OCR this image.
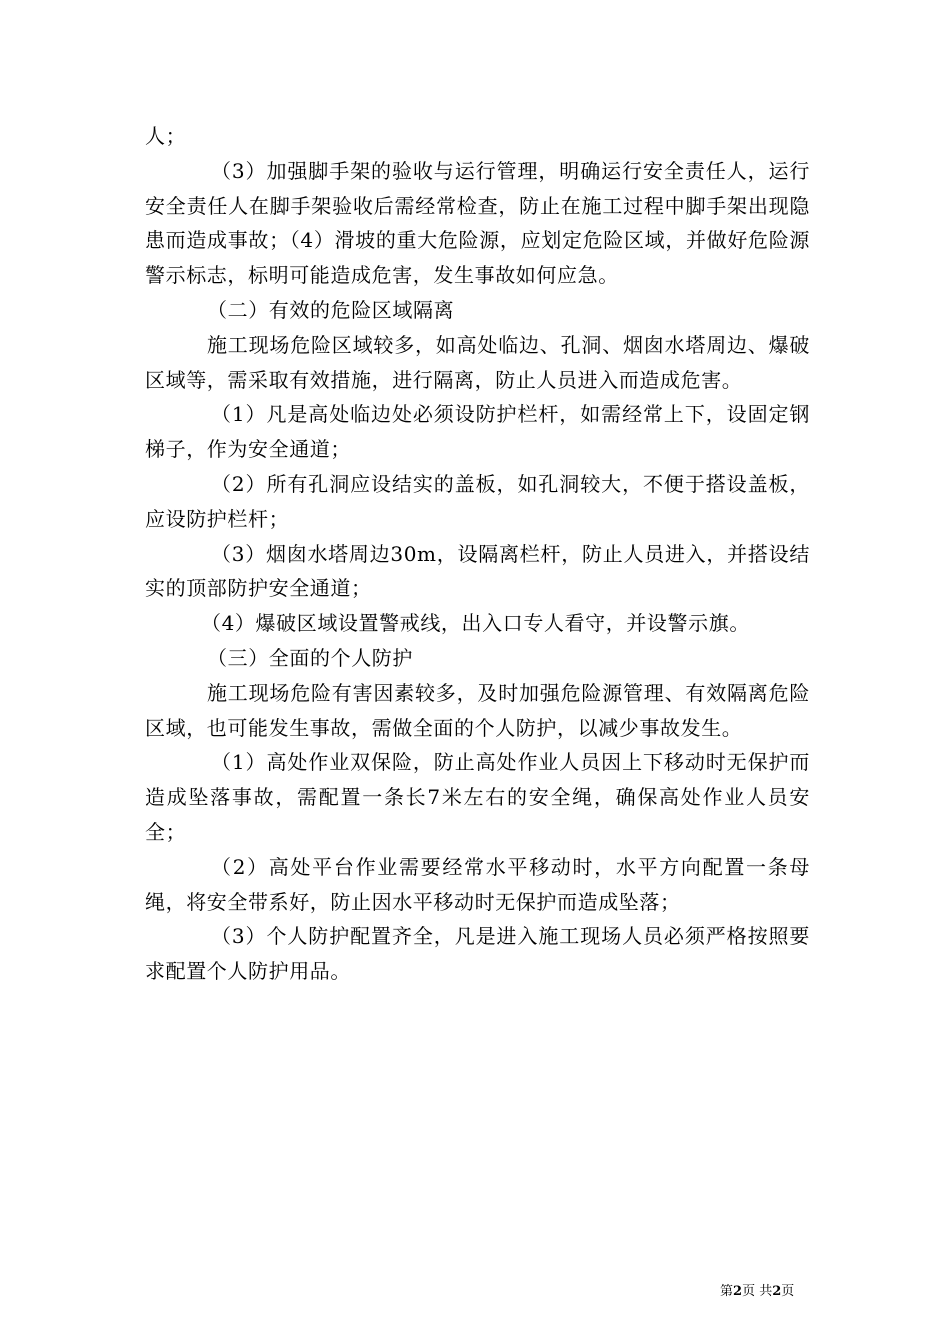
人；

（3）加强脚手架的验收与运行管理，明确运行安全责任人，运行安全责任人在脚手架验收后需经常检查，防止在施工过程中脚手架出现隐患而造成事故；（4）滑坡的重大危险源，应划定危险区域，并做好危险源警示标志，标明可能造成危害，发生事故如何应急。

（二）有效的危险区域隔离

施工现场危险区域较多，如高处临边、孔洞、烟囱水塔周边、爆破区域等，需采取有效措施，进行隔离，防止人员进入而造成危害。

（1）凡是高处临边处必须设防护栏杆，如需经常上下，设固定钢梯子，作为安全通道；

（2）所有孔洞应设结实的盖板，如孔洞较大，不便于搭设盖板，应设防护栏杆；

（3）烟囱水塔周边30m，设隔离栏杆，防止人员进入，并搭设结实的顶部防护安全通道；

（4）爆破区域设置警戒线，出入口专人看守，并设警示旗。

（三）全面的个人防护

施工现场危险有害因素较多，及时加强危险源管理、有效隔离危险区域，也可能发生事故，需做全面的个人防护，以减少事故发生。

（1）高处作业双保险，防止高处作业人员因上下移动时无保护而造成坠落事故，需配置一条长7米左右的安全绳，确保高处作业人员安全；

（2）高处平台作业需要经常水平移动时，水平方向配置一条母绳，将安全带系好，防止因水平移动时无保护而造成坠落；

（3）个人防护配置齐全，凡是进入施工现场人员必须严格按照要求配置个人防护用品。

第2页 共2页
